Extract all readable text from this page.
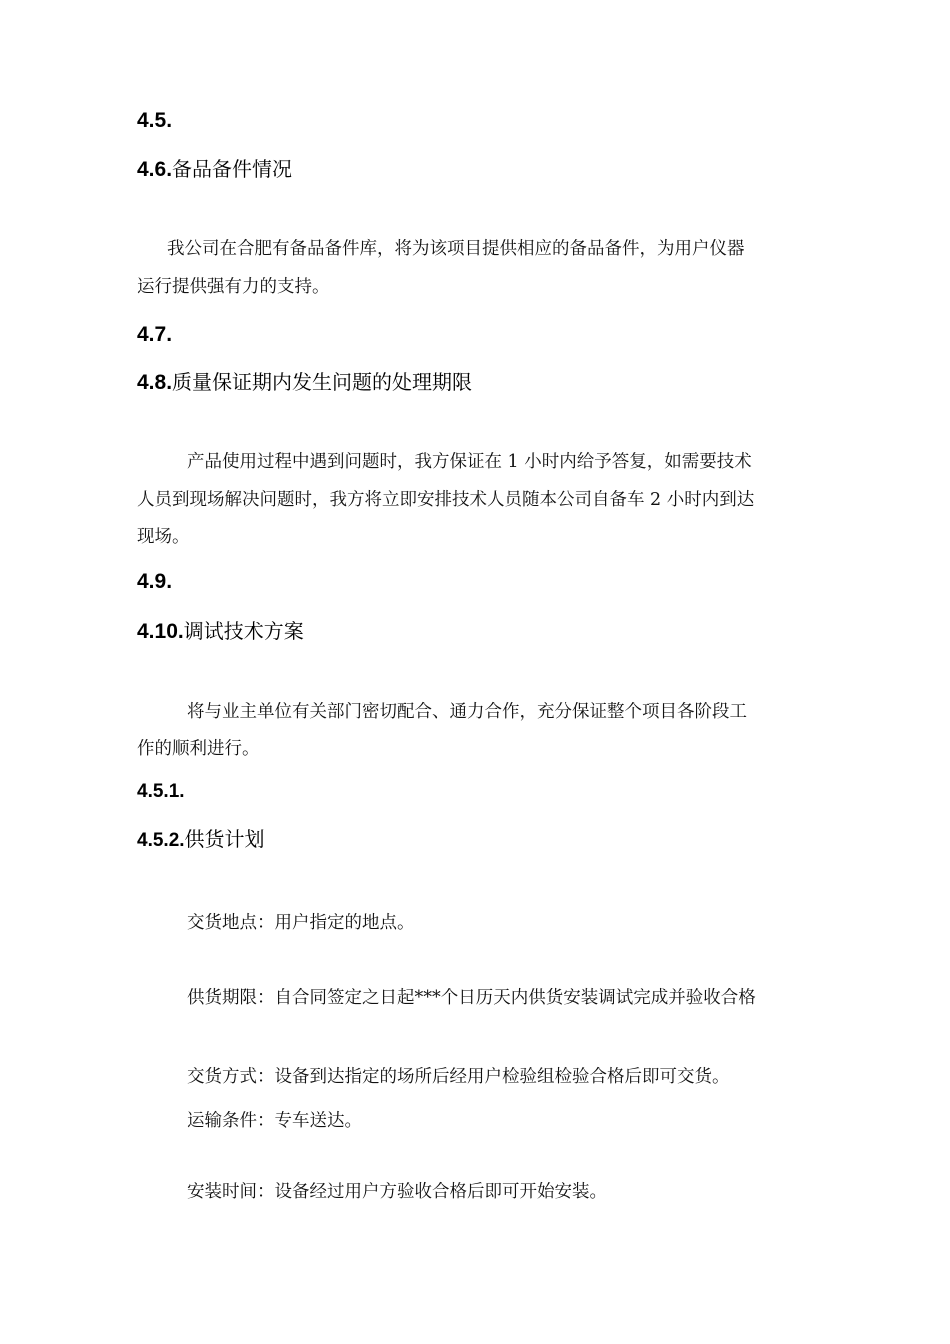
4.5.
4.6.备品备件情况
我公司在合肥有备品备件库，将为该项目提供相应的备品备件，为用户仪器
运行提供强有力的支持。
4.7.
4.8.质量保证期内发生问题的处理期限
产品使用过程中遇到问题时，我方保证在 1 小时内给予答复，如需要技术
人员到现场解决问题时，我方将立即安排技术人员随本公司自备车 2 小时内到达
现场。
4.9.
4.10.调试技术方案
将与业主单位有关部门密切配合、通力合作，充分保证整个项目各阶段工
作的顺利进行。
4.5.1.
4.5.2.供货计划
交货地点：用户指定的地点。
供货期限：自合同签定之日起***个日历天内供货安装调试完成并验收合格
交货方式：设备到达指定的场所后经用户检验组检验合格后即可交货。
运输条件：专车送达。
安装时间：设备经过用户方验收合格后即可开始安装。
